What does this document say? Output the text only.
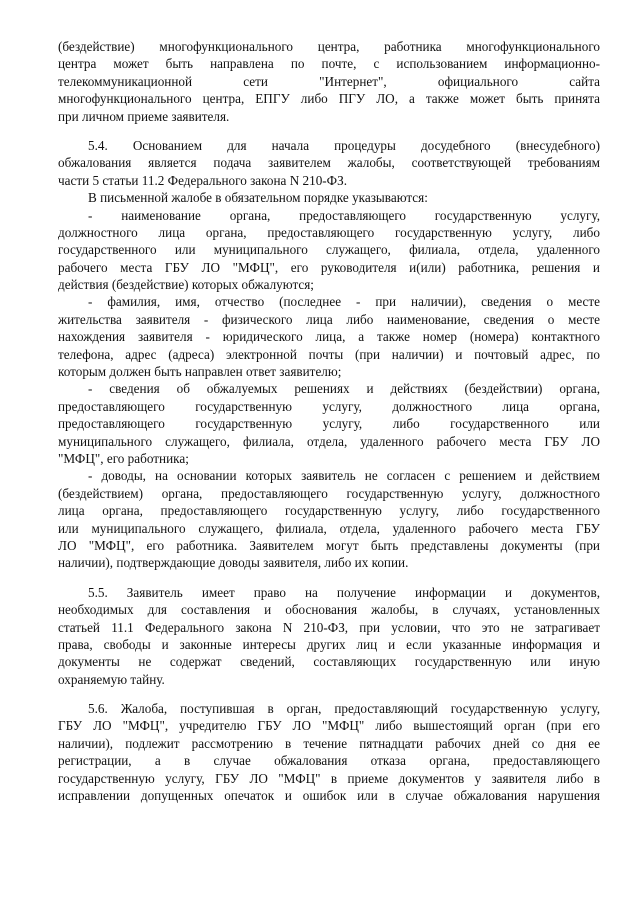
(бездействие) многофункционального центра, работника многофункционального
центра может быть направлена по почте, с использованием информационно-
телекоммуникационной сети "Интернет", официального сайта
многофункционального центра, ЕПГУ либо ПГУ ЛО, а также может быть принята
при личном приеме заявителя.
5.4. Основанием для начала процедуры досудебного (внесудебного)
обжалования является подача заявителем жалобы, соответствующей требованиям
части 5 статьи 11.2 Федерального закона N 210-ФЗ.
В письменной жалобе в обязательном порядке указываются:
- наименование органа, предоставляющего государственную услугу,
должностного лица органа, предоставляющего государственную услугу, либо
государственного или муниципального служащего, филиала, отдела, удаленного
рабочего места ГБУ ЛО "МФЦ", его руководителя и(или) работника, решения и
действия (бездействие) которых обжалуются;
- фамилия, имя, отчество (последнее - при наличии), сведения о месте
жительства заявителя - физического лица либо наименование, сведения о месте
нахождения заявителя - юридического лица, а также номер (номера) контактного
телефона, адрес (адреса) электронной почты (при наличии) и почтовый адрес, по
которым должен быть направлен ответ заявителю;
- сведения об обжалуемых решениях и действиях (бездействии) органа,
предоставляющего государственную услугу, должностного лица органа,
предоставляющего государственную услугу, либо государственного или
муниципального служащего, филиала, отдела, удаленного рабочего места ГБУ ЛО
"МФЦ", его работника;
- доводы, на основании которых заявитель не согласен с решением и действием
(бездействием) органа, предоставляющего государственную услугу, должностного
лица органа, предоставляющего государственную услугу, либо государственного
или муниципального служащего, филиала, отдела, удаленного рабочего места ГБУ
ЛО "МФЦ", его работника. Заявителем могут быть представлены документы (при
наличии), подтверждающие доводы заявителя, либо их копии.
5.5. Заявитель имеет право на получение информации и документов,
необходимых для составления и обоснования жалобы, в случаях, установленных
статьей 11.1 Федерального закона N 210-ФЗ, при условии, что это не затрагивает
права, свободы и законные интересы других лиц и если указанные информация и
документы не содержат сведений, составляющих государственную или иную
охраняемую тайну.
5.6. Жалоба, поступившая в орган, предоставляющий государственную услугу,
ГБУ ЛО "МФЦ", учредителю ГБУ ЛО "МФЦ" либо вышестоящий орган (при его
наличии), подлежит рассмотрению в течение пятнадцати рабочих дней со дня ее
регистрации, а в случае обжалования отказа органа, предоставляющего
государственную услугу, ГБУ ЛО "МФЦ" в приеме документов у заявителя либо в
исправлении допущенных опечаток и ошибок или в случае обжалования нарушения
